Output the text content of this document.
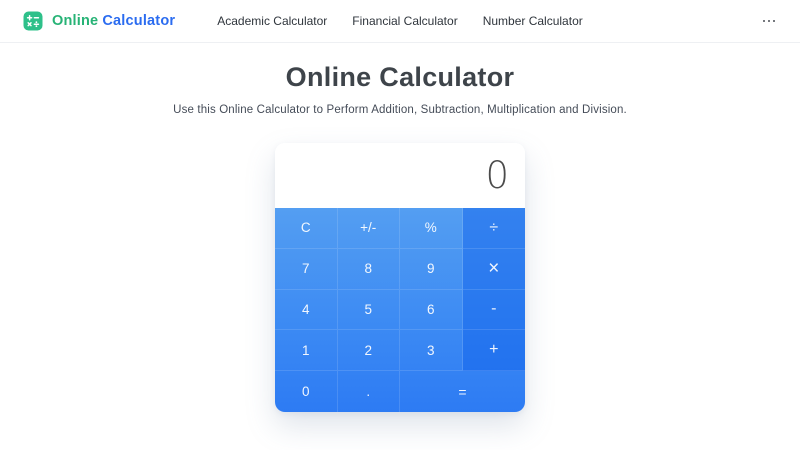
Online Calculator	Academic Calculator Financial Calculator Number Calculator
Online Calculator

Use this Online Calculator to Perform Addition, Subtraction, Multiplication and Division.

0
C	+/-	%	÷
7	8	9	×
4	5	6	-
1	2	3	+
0	.	=
